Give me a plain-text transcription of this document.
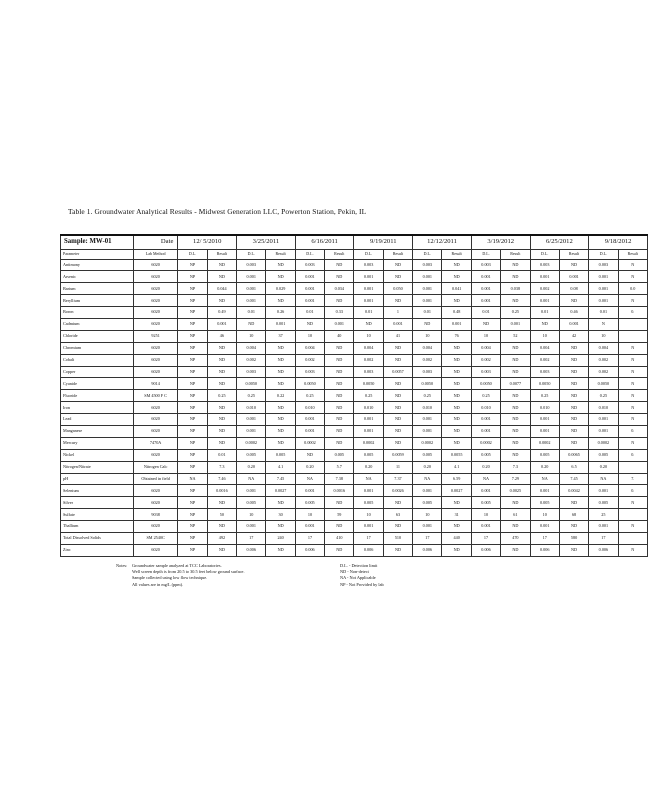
Table 1. Groundwater Analytical Results - Midwest Generation LLC, Powerton Station, Pekin, IL
Sample: MW-01	Date	12/ 5/2010		3/25/2011		6/16/2011		9/19/2011		12/12/2011		3/19/2012		6/25/2012		9/18/2012	
Parameter	Lab Method	D.L.	Result	D.L.	Result	D.L.	Result	D.L.	Result	D.L.	Result	D.L.	Result	D.L.	Result	D.L.	Result
Antimony	6020	NP	ND	0.003	ND	0.003	ND	0.003	ND	0.003	ND	0.003	ND	0.003	ND	0.003	N
Arsenic	6020	NP	ND	0.001	ND	0.001	ND	0.001	ND	0.001	ND	0.001	ND	0.001	0.001	0.001	N
Barium	6020	NP	0.044	0.001	0.029	0.001	0.034	0.001	0.050	0.001	0.041	0.001	0.038	0.002	0.08	0.001	0.0
Beryllium	6020	NP	ND	0.001	ND	0.001	ND	0.001	ND	0.001	ND	0.001	ND	0.001	ND	0.001	N
Boron	6020	NP	0.49	0.01	0.26	0.01	0.33	0.01	1	0.01	0.48	0.01	0.25	0.01	0.46	0.01	0.
Cadmium	6020	NP	0.001	ND	0.001	ND	0.001	ND	0.001	ND	0.001	ND	0.001	ND	0.001	N	
Chloride	9251	NP	46	10	37	10	40	10	41	10	76	10	52	10	42	10	
Chromium	6020	NP	ND	0.004	ND	0.004	ND	0.004	ND	0.004	ND	0.004	ND	0.004	ND	0.004	N
Cobalt	6020	NP	ND	0.002	ND	0.002	ND	0.002	ND	0.002	ND	0.002	ND	0.002	ND	0.002	N
Copper	6020	NP	ND	0.003	ND	0.003	ND	0.003	0.0057	0.003	ND	0.003	ND	0.003	ND	0.002	N
Cyanide	9014	NP	ND	0.0050	ND	0.0050	ND	0.0050	ND	0.0050	ND	0.0050	0.0077	0.0050	ND	0.0050	N
Fluoride	SM 4500 F C	NP	0.25	0.25	0.22	0.25	ND	0.25	ND	0.25	ND	0.25	ND	0.25	ND	0.25	N
Iron	6020	NP	ND	0.010	ND	0.010	ND	0.010	ND	0.010	ND	0.010	ND	0.010	ND	0.010	N
Lead	6020	NP	ND	0.001	ND	0.001	ND	0.001	ND	0.001	ND	0.001	ND	0.001	ND	0.001	N
Manganese	6020	NP	ND	0.001	ND	0.001	ND	0.001	ND	0.001	ND	0.001	ND	0.001	ND	0.001	0.
Mercury	7470A	NP	ND	0.0002	ND	0.0002	ND	0.0002	ND	0.0002	ND	0.0002	ND	0.0002	ND	0.0002	N
Nickel	6020	NP	0.01	0.005	0.005	ND	0.005	0.005	0.0059	0.005	0.0055	0.005	ND	0.005	0.0065	0.005	0.
Nitrogen/Nitrate	Nitrogen Calc	NP	7.3	0.20	4.1	0.20	5.7	0.20	11	0.20	4.1	0.20	7.3	0.20	6.5	0.20	
pH	Obtained in field	NA	7.46	NA	7.45	NA	7.38	NA	7.37	NA	6.59	NA	7.29	NA	7.45	NA	7.
Selenium	6020	NP	0.0016	0.001	0.0027	0.001	0.0016	0.001	0.0026	0.001	0.0027	0.001	0.0025	0.001	0.0042	0.001	0.
Silver	6020	NP	ND	0.005	ND	0.005	ND	0.005	ND	0.005	ND	0.005	ND	0.005	ND	0.005	N
Sulfate	9038	NP	50	10	30	10	59	10	63	10	31	10	61	10	68	25	
Thallium	6020	NP	ND	0.001	ND	0.001	ND	0.001	ND	0.001	ND	0.001	ND	0.001	ND	0.001	N
Total Dissolved Solids	SM 2540C	NP	492	17	240	17	410	17	510	17	440	17	470	17	580	17	
Zinc	6020	NP	ND	0.006	ND	0.006	ND	0.006	ND	0.006	ND	0.006	ND	0.006	ND	0.006	N
Notes: Groundwater sample analyzed at TCC Laboratories.
Well screen depth is from 20.5 to 30.5 feet below ground surface.
Sample collected using low flow technique.
All values are in mg/L (ppm).
D.L. - Detection limit
ND - Non-detect
NA - Not Applicable
NP - Not Provided by lab
